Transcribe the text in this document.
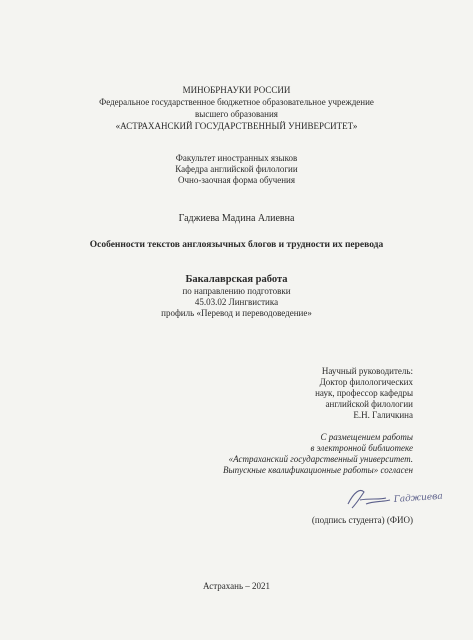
МИНОБРНАУКИ РОССИИ
Федеральное государственное бюджетное образовательное учреждение
высшего образования
«АСТРАХАНСКИЙ ГОСУДАРСТВЕННЫЙ УНИВЕРСИТЕТ»
Факультет иностранных языков
Кафедра английской филологии
Очно-заочная форма обучения
Гаджиева Мадина Алиевна
Особенности текстов англоязычных блогов и трудности их перевода
Бакалаврская работа
по направлению подготовки
45.03.02 Лингвистика
профиль «Перевод и переводоведение»
Научный руководитель:
Доктор филологических
наук, профессор кафедры
английской филологии
Е.Н. Галичкина
С размещением работы
в электронной библиотеке
«Астраханский государственный университет.
Выпускные квалификационные работы» согласен
Гаджиева
(подпись студента) (ФИО)
Астрахань – 2021
